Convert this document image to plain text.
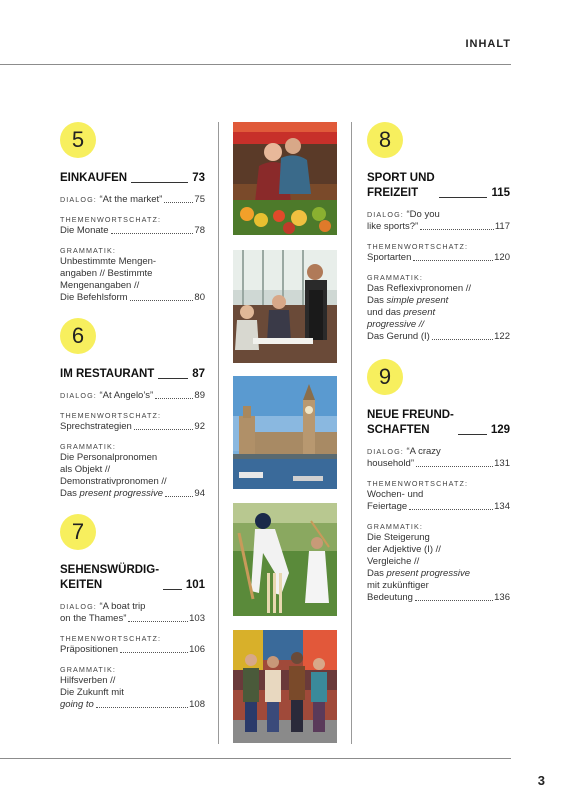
INHALT
5
EINKAUFEN	73
DIALOG: “At the market”	75
THEMENWORTSCHATZ:
Die Monate	78
GRAMMATIK:
Unbestimmte Mengen-
angaben // Bestimmte
Mengenangaben //
Die Befehlsform	80
6
IM RESTAURANT	87
DIALOG: “At Angelo’s”	89
THEMENWORTSCHATZ:
Sprechstrategien	92
GRAMMATIK:
Die Personalpronomen
als Objekt //
Demonstrativpronomen //
Das present progressive	94
7
SEHENSWÜRDIG-
KEITEN	101
DIALOG: “A boat trip
on the Thames”	103
THEMENWORTSCHATZ:
Präpositionen	106
GRAMMATIK:
Hilfsverben //
Die Zukunft mit
going to	108
8
SPORT UND
FREIZEIT	115
DIALOG: “Do you
like sports?”	117
THEMENWORTSCHATZ:
Sportarten	120
GRAMMATIK:
Das Reflexivpronomen //
Das simple present
und das present
progressive //
Das Gerund (I)	122
9
NEUE FREUND-
SCHAFTEN	129
DIALOG: “A crazy
household”	131
THEMENWORTSCHATZ:
Wochen- und
Feiertage	134
GRAMMATIK:
Die Steigerung
der Adjektive (I) //
Vergleiche //
Das present progressive
mit zukünftiger
Bedeutung	136
3
